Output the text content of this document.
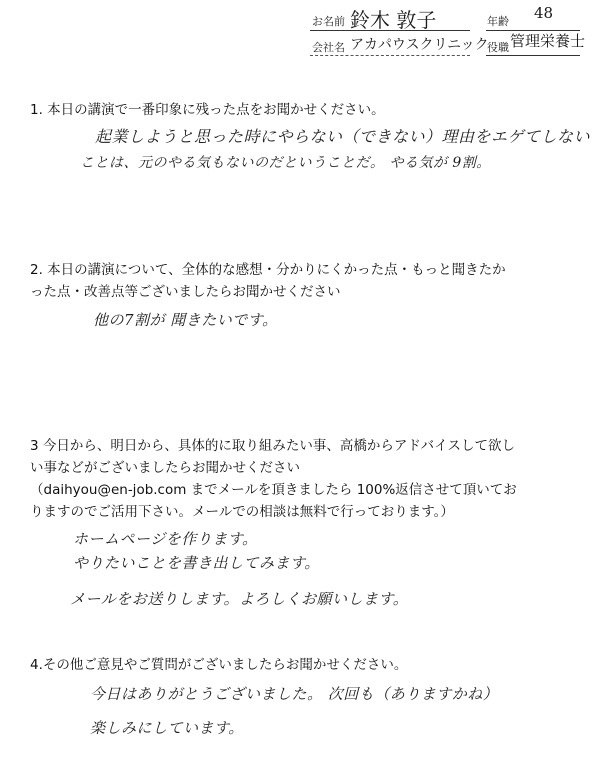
お名前 鈴木 敦子	年齢 48
会社名 アカパウスクリニック
役職 管理栄養士
1. 本日の講演で一番印象に残った点をお聞かせください。
起業しようと思った時にやらない（できない）理由をエゲてしない
ことは、元のやる気もないのだということだ。 やる気が 9割。
2. 本日の講演について、全体的な感想・分かりにくかった点・もっと聞きたか
った点・改善点等ございましたらお聞かせください
他の7割が 聞きたいです。
3 今日から、明日から、具体的に取り組みたい事、高橋からアドバイスして欲し
い事などがございましたらお聞かせください
（daihyou@en-job.com までメールを頂きましたら 100%返信させて頂いてお
りますのでご活用下さい。メールでの相談は無料で行っております。）
ホームページを作ります。
やりたいことを書き出してみます。
メールをお送りします。よろしくお願いします。
4.その他ご意見やご質問がございましたらお聞かせください。
今日はありがとうございました。 次回も（ありますかね）
楽しみにしています。
